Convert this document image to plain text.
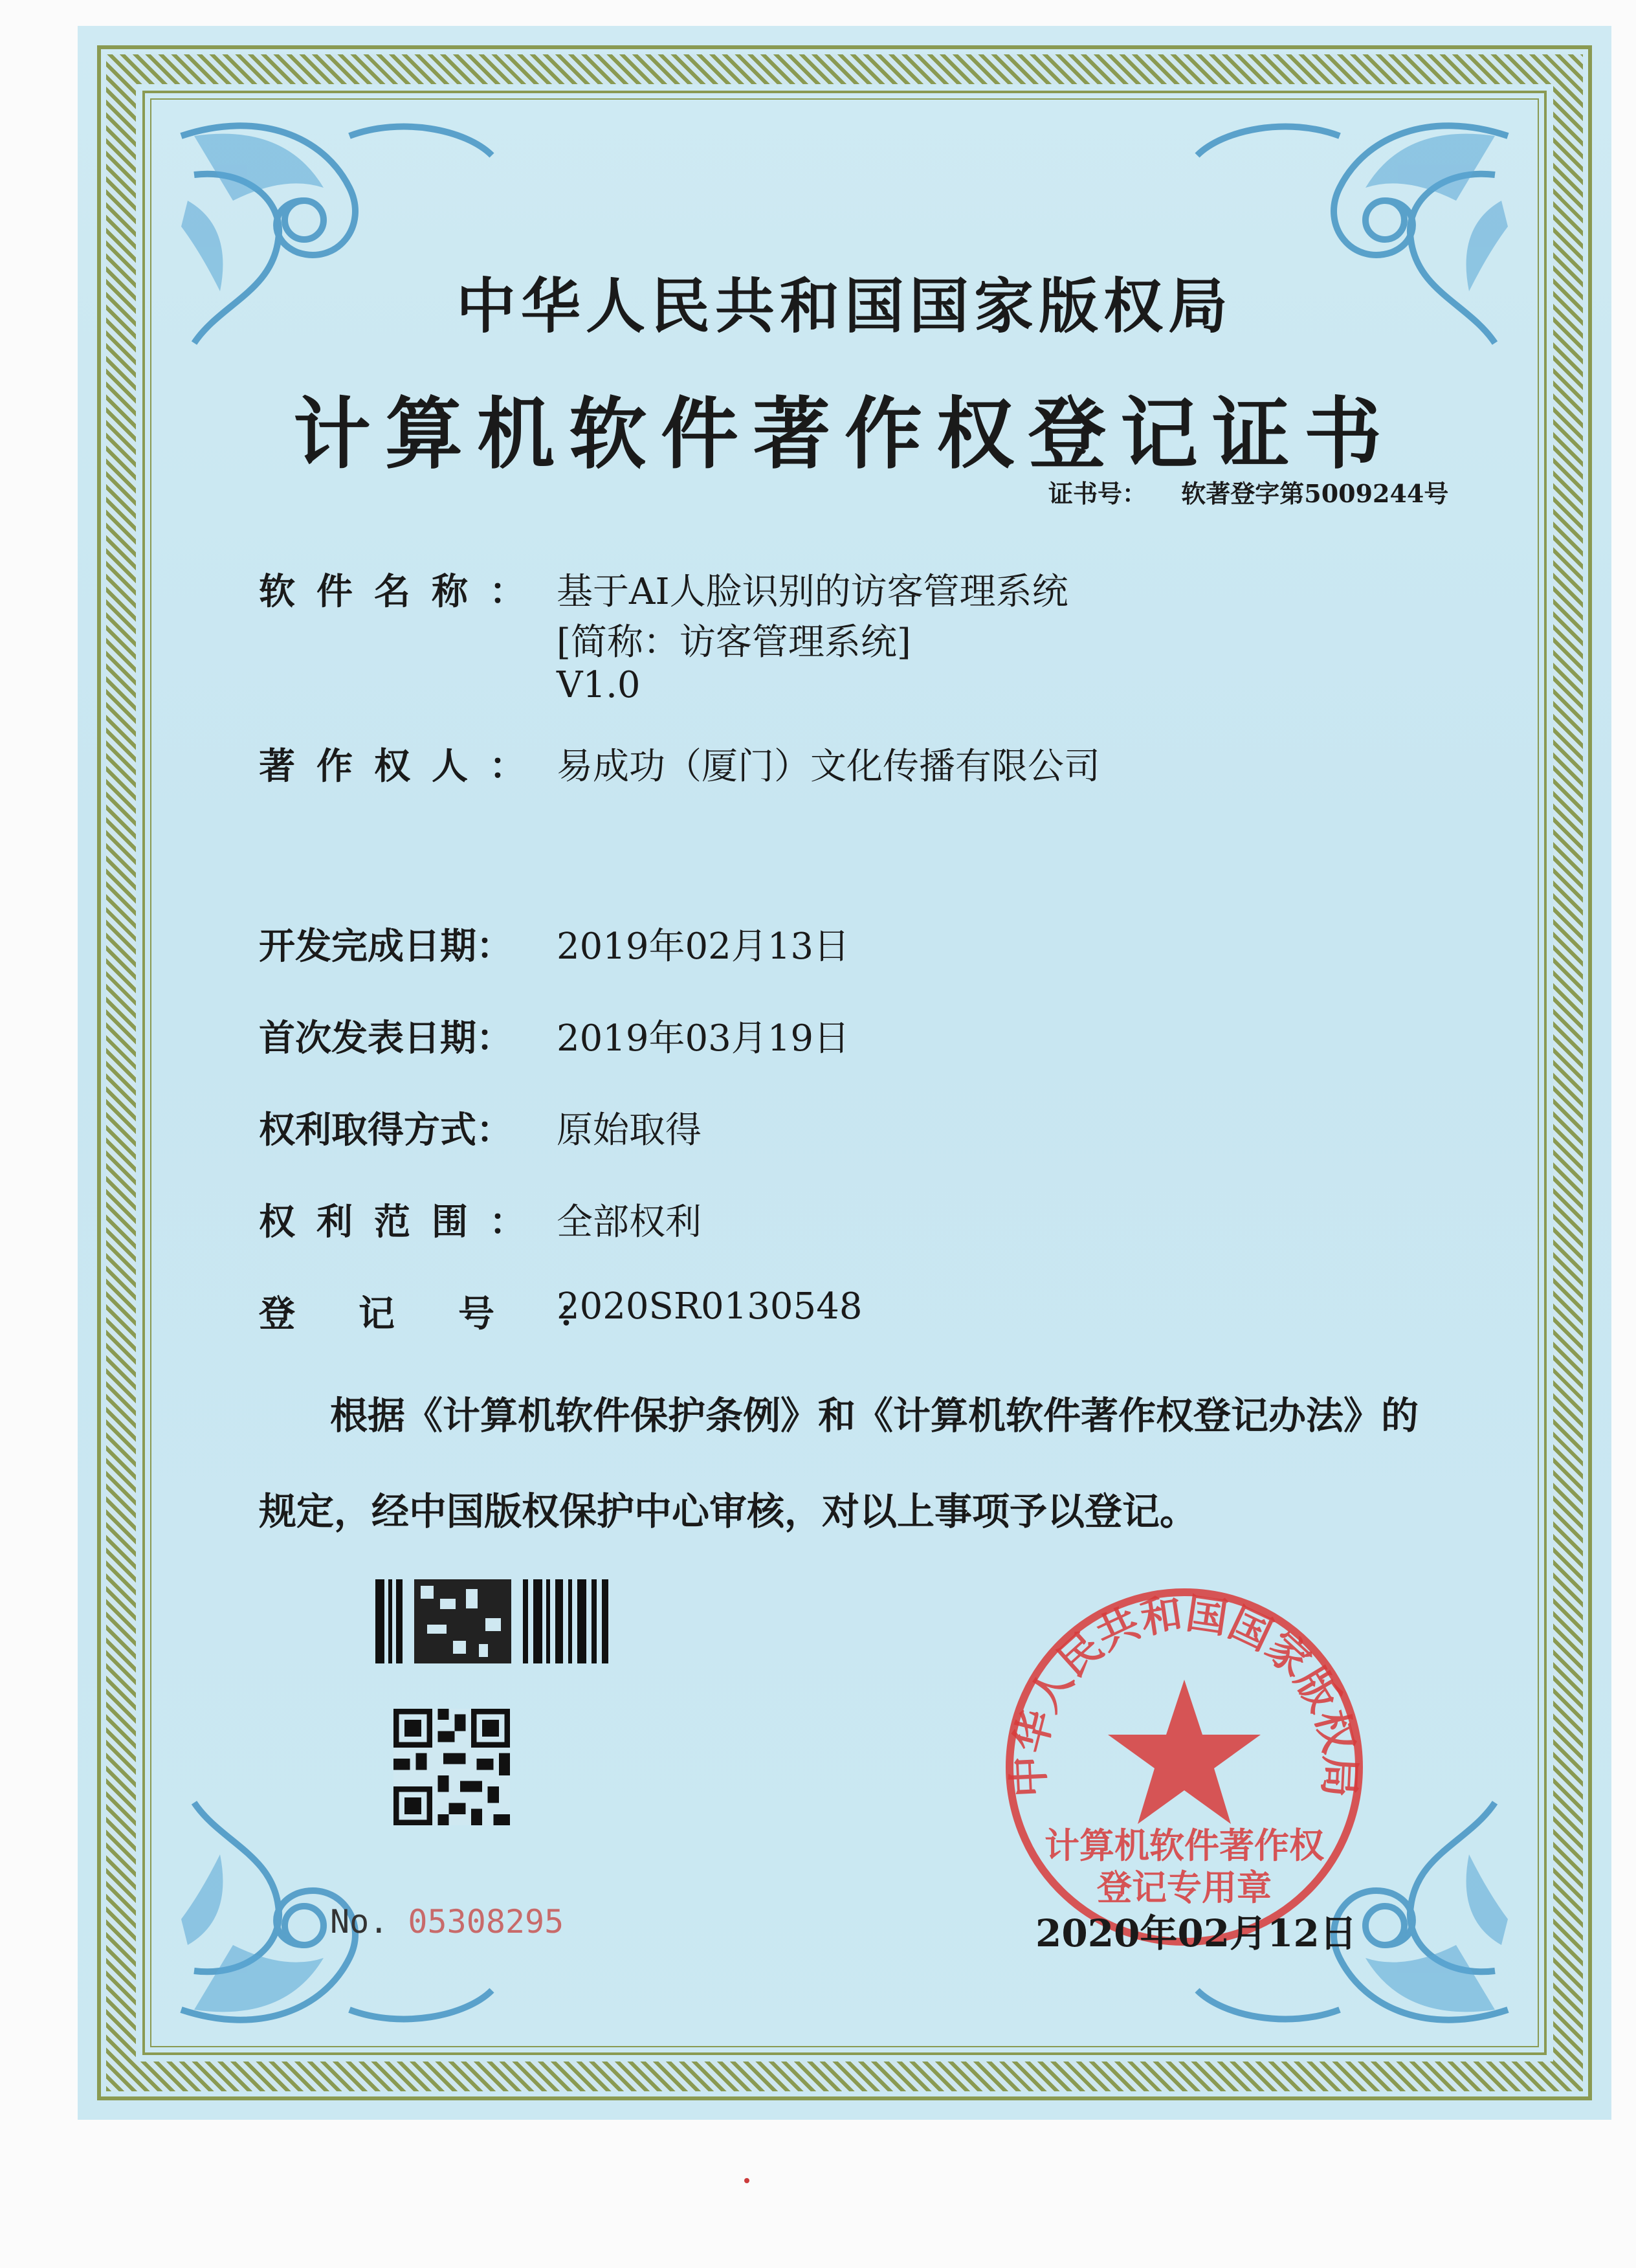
中华人民共和国国家版权局
计算机软件著作权登记证书
证书号： 软著登字第5009244号
软件名称： 基于AI人脸识别的访客管理系统
[简称：访客管理系统]
V1.0
著作权人： 易成功（厦门）文化传播有限公司
开发完成日期： 2019年02月13日
首次发表日期： 2019年03月19日
权利取得方式： 原始取得
权利范围： 全部权利
登记号：
2020SR0130548
根据《计算机软件保护条例》和《计算机软件著作权登记办法》的
规定，经中国版权保护中心审核，对以上事项予以登记。
No. 05308295
中华人民共和国国家版权局
计算机软件著作权
登记专用章
2020年02月12日
